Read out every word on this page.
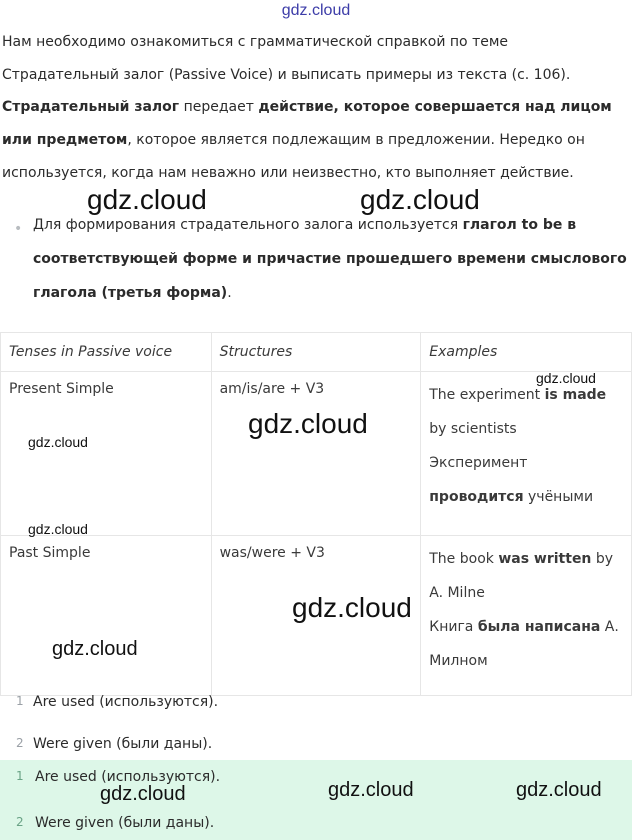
gdz.cloud
Нам необходимо ознакомиться с грамматической справкой по теме
Страдательный залог (Passive Voice) и выписать примеры из текста (с. 106).
Страдательный залог передает действие, которое совершается над лицом
или предметом, которое является подлежащим в предложении. Нередко он
используется, когда нам неважно или неизвестно, кто выполняет действие.
• Для формирования страдательного залога используется глагол to be в
соответствующей форме и причастие прошедшего времени смыслового
глагола (третья форма).
Tenses in Passive voice	Structures	Examples

Present Simple	am/is/are + V3	The experiment is made
by scientists
Эксперимент
проводится учёными

Past Simple	was/were + V3	The book was written by
A. Milne
Книга была написана А.
Милном
1 Are used (используются).
2 Were given (были даны).
1 Are used (используются).
2 Were given (были даны).
gdz.cloud	gdz.cloud
gdz.cloud
gdz.cloud
gdz.cloud
gdz.cloud
gdz.cloud
gdz.cloud
gdz.cloud	gdz.cloud	gdz.cloud
